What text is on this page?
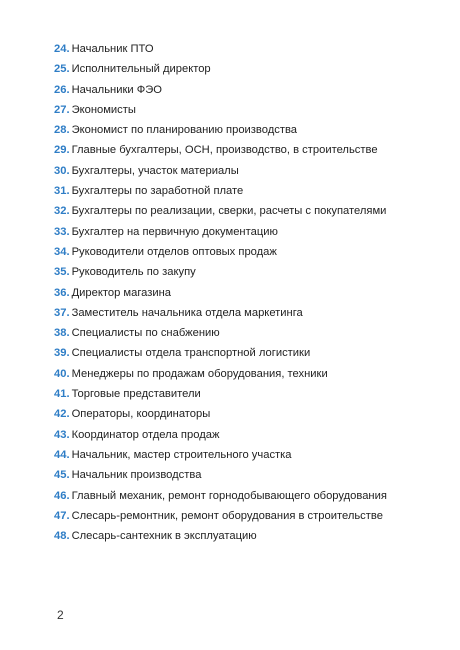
24. Начальник ПТО
25. Исполнительный директор
26. Начальники ФЭО
27. Экономисты
28. Экономист по планированию производства
29. Главные бухгалтеры, ОСН, производство, в строительстве
30. Бухгалтеры, участок материалы
31. Бухгалтеры по заработной плате
32. Бухгалтеры по реализации, сверки, расчеты с покупателями
33. Бухгалтер на первичную документацию
34. Руководители отделов оптовых продаж
35. Руководитель по закупу
36. Директор магазина
37. Заместитель начальника отдела маркетинга
38. Специалисты по снабжению
39. Специалисты отдела транспортной логистики
40. Менеджеры по продажам оборудования, техники
41. Торговые представители
42. Операторы, координаторы
43. Координатор отдела продаж
44. Начальник, мастер строительного участка
45. Начальник производства
46. Главный механик, ремонт горнодобывающего оборудования
47. Слесарь-ремонтник, ремонт оборудования в строительстве
48. Слесарь-сантехник в эксплуатацию
2
